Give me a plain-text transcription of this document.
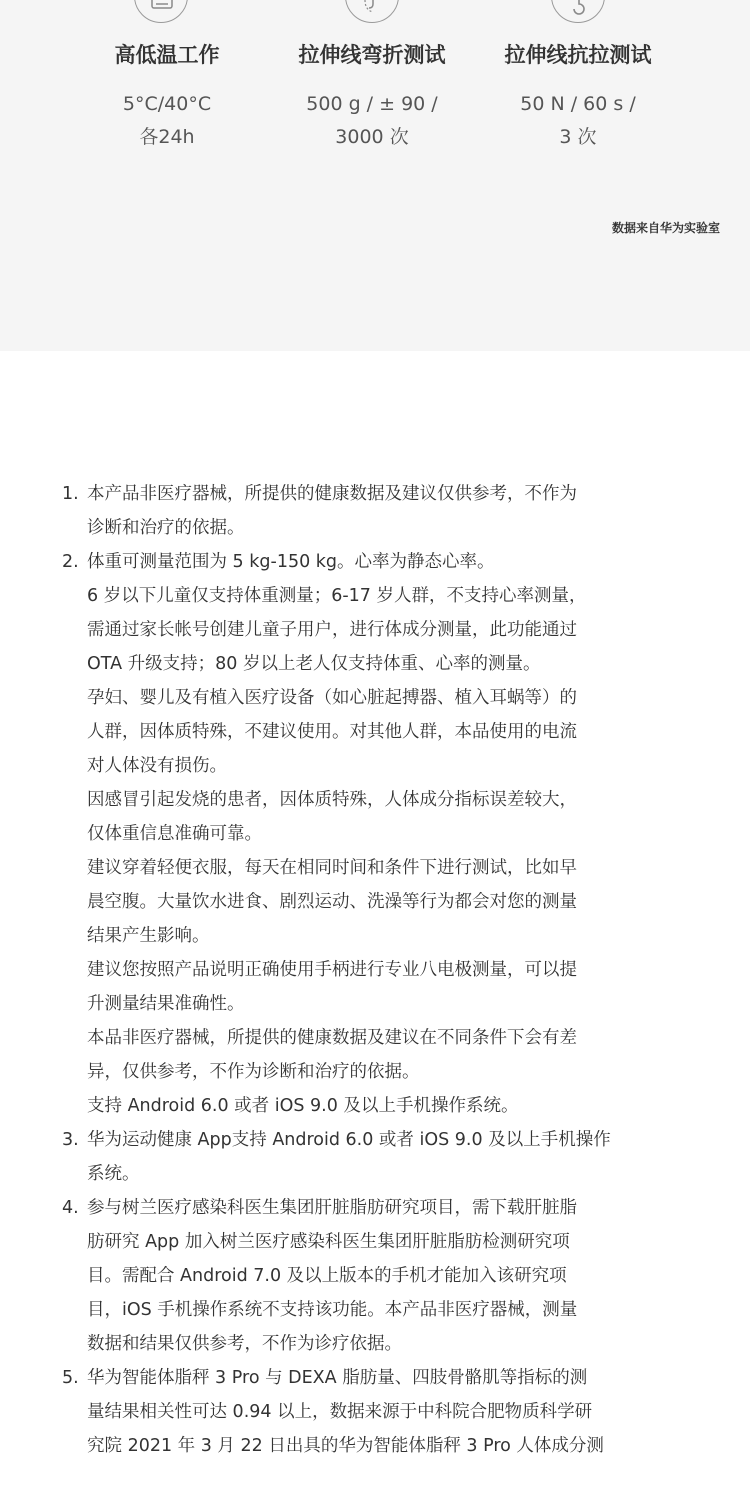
高低温工作
5°C/40°C
各24h
拉伸线弯折测试
500 g / ± 90 /
3000 次
拉伸线抗拉测试
50 N / 60 s /
3 次
数据来自华为实验室
1. 本产品非医疗器械，所提供的健康数据及建议仅供参考，不作为
诊断和治疗的依据。
2. 体重可测量范围为 5 kg-150 kg。心率为静态心率。
6 岁以下儿童仅支持体重测量；6-17 岁人群，不支持心率测量，
需通过家长帐号创建儿童子用户，进行体成分测量，此功能通过
OTA 升级支持；80 岁以上老人仅支持体重、心率的测量。
孕妇、婴儿及有植入医疗设备（如心脏起搏器、植入耳蜗等）的
人群，因体质特殊，不建议使用。对其他人群，本品使用的电流
对人体没有损伤。
因感冒引起发烧的患者，因体质特殊，人体成分指标误差较大，
仅体重信息准确可靠。
建议穿着轻便衣服，每天在相同时间和条件下进行测试，比如早
晨空腹。大量饮水进食、剧烈运动、洗澡等行为都会对您的测量
结果产生影响。
建议您按照产品说明正确使用手柄进行专业八电极测量，可以提
升测量结果准确性。
本品非医疗器械，所提供的健康数据及建议在不同条件下会有差
异，仅供参考，不作为诊断和治疗的依据。
支持 Android 6.0 或者 iOS 9.0 及以上手机操作系统。
3. 华为运动健康 App支持 Android 6.0 或者 iOS 9.0 及以上手机操作
系统。
4. 参与树兰医疗感染科医生集团肝脏脂肪研究项目，需下载肝脏脂
肪研究 App 加入树兰医疗感染科医生集团肝脏脂肪检测研究项
目。需配合 Android 7.0 及以上版本的手机才能加入该研究项
目，iOS 手机操作系统不支持该功能。本产品非医疗器械，测量
数据和结果仅供参考，不作为诊疗依据。
5. 华为智能体脂秤 3 Pro 与 DEXA 脂肪量、四肢骨骼肌等指标的测
量结果相关性可达 0.94 以上，数据来源于中科院合肥物质科学研
究院 2021 年 3 月 22 日出具的华为智能体脂秤 3 Pro 人体成分测
